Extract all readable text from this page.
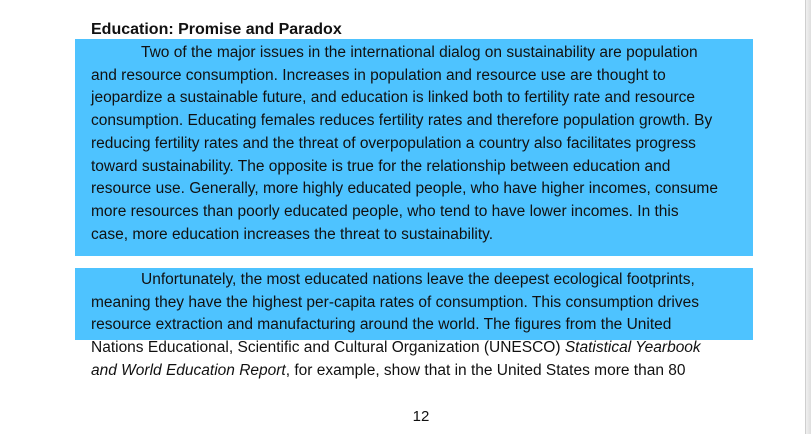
Education: Promise and Paradox

Two of the major issues in the international dialog on sustainability are population
and resource consumption. Increases in population and resource use are thought to
jeopardize a sustainable future, and education is linked both to fertility rate and resource
consumption. Educating females reduces fertility rates and therefore population growth. By
reducing fertility rates and the threat of overpopulation a country also facilitates progress
toward sustainability. The opposite is true for the relationship between education and
resource use. Generally, more highly educated people, who have higher incomes, consume
more resources than poorly educated people, who tend to have lower incomes. In this
case, more education increases the threat to sustainability.

Unfortunately, the most educated nations leave the deepest ecological footprints,
meaning they have the highest per-capita rates of consumption. This consumption drives
resource extraction and manufacturing around the world. The figures from the United
Nations Educational, Scientific and Cultural Organization (UNESCO) Statistical Yearbook
and World Education Report, for example, show that in the United States more than 80

12
